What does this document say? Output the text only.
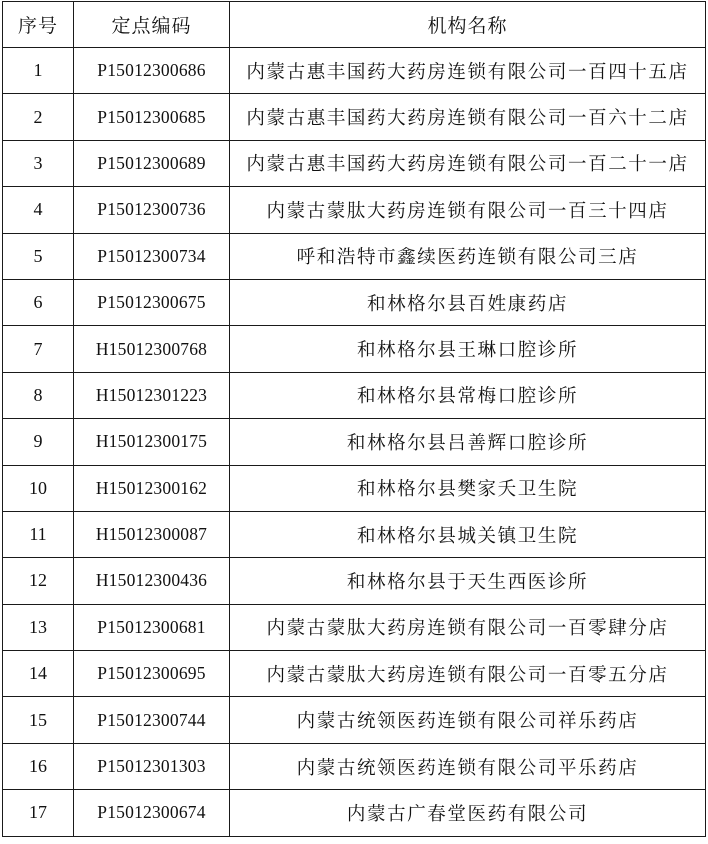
序号	定点编码	机构名称
1	P15012300686	内蒙古惠丰国药大药房连锁有限公司一百四十五店
2	P15012300685	内蒙古惠丰国药大药房连锁有限公司一百六十二店
3	P15012300689	内蒙古惠丰国药大药房连锁有限公司一百二十一店
4	P15012300736	内蒙古蒙肽大药房连锁有限公司一百三十四店
5	P15012300734	呼和浩特市鑫续医药连锁有限公司三店
6	P15012300675	和林格尔县百姓康药店
7	H15012300768	和林格尔县王琳口腔诊所
8	H15012301223	和林格尔县常梅口腔诊所
9	H15012300175	和林格尔县吕善辉口腔诊所
10	H15012300162	和林格尔县樊家夭卫生院
11	H15012300087	和林格尔县城关镇卫生院
12	H15012300436	和林格尔县于天生西医诊所
13	P15012300681	内蒙古蒙肽大药房连锁有限公司一百零肆分店
14	P15012300695	内蒙古蒙肽大药房连锁有限公司一百零五分店
15	P15012300744	内蒙古统领医药连锁有限公司祥乐药店
16	P15012301303	内蒙古统领医药连锁有限公司平乐药店
17	P15012300674	内蒙古广春堂医药有限公司
